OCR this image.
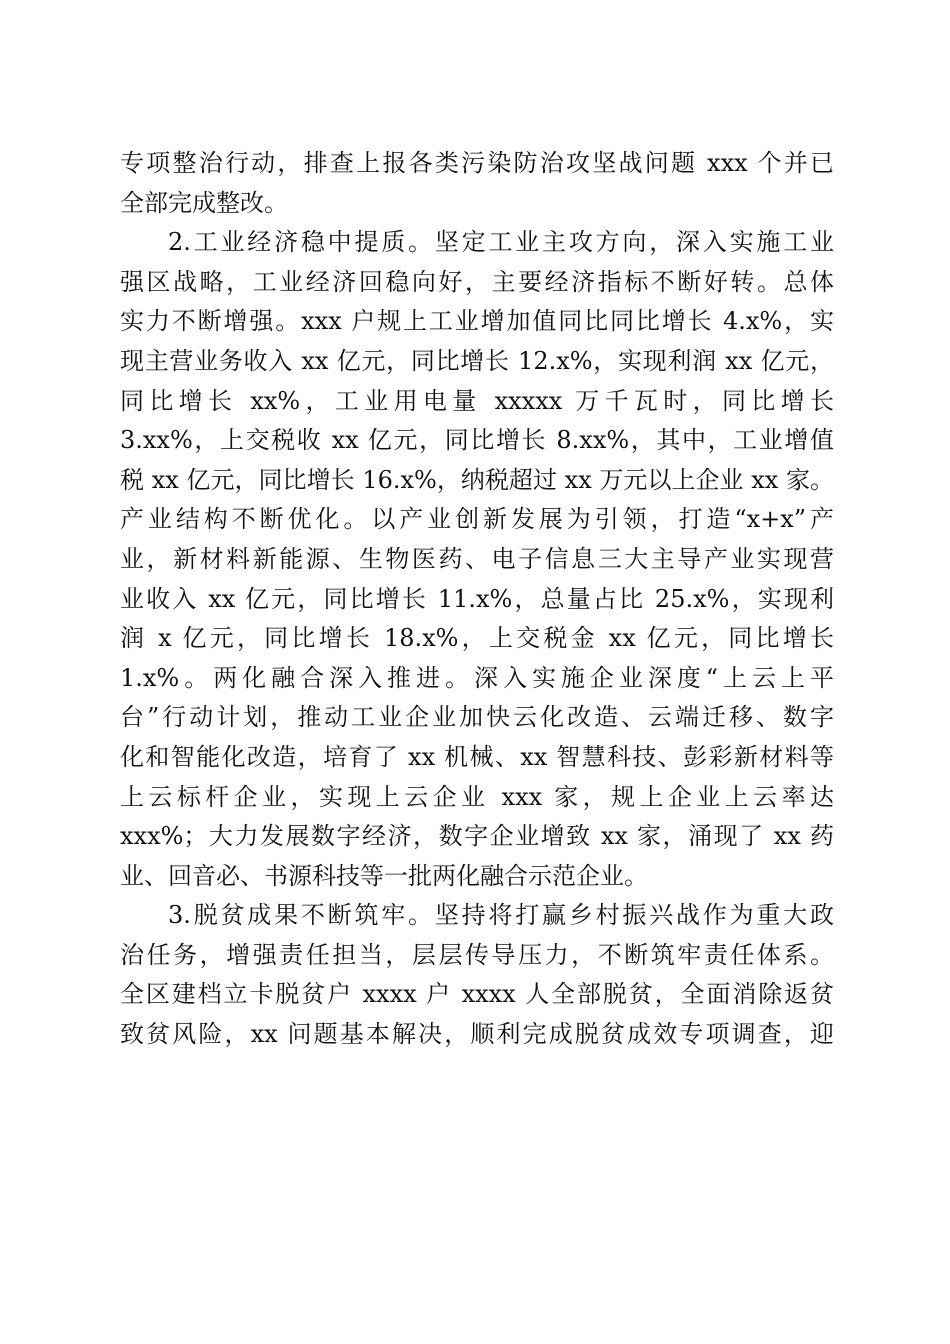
专项整治行动，排查上报各类污染防治攻坚战问题 xxx 个并已
全部完成整改。
2.工业经济稳中提质。坚定工业主攻方向，深入实施工业
强区战略，工业经济回稳向好，主要经济指标不断好转。总体
实力不断增强。xxx 户规上工业增加值同比同比增长 4.x%，实
现主营业务收入 xx 亿元，同比增长 12.x%，实现利润 xx 亿元，
同比增长 xx%，工业用电量 xxxxx 万千瓦时，同比增长
3.xx%，上交税收 xx 亿元，同比增长 8.xx%，其中，工业增值
税 xx 亿元，同比增长 16.x%，纳税超过 xx 万元以上企业 xx 家。
产业结构不断优化。以产业创新发展为引领，打造“x+x”产
业，新材料新能源、生物医药、电子信息三大主导产业实现营
业收入 xx 亿元，同比增长 11.x%，总量占比 25.x%，实现利
润 x 亿元，同比增长 18.x%，上交税金 xx 亿元，同比增长
1.x%。两化融合深入推进。深入实施企业深度“上云上平
台”行动计划，推动工业企业加快云化改造、云端迁移、数字
化和智能化改造，培育了 xx 机械、xx 智慧科技、彭彩新材料等
上云标杆企业，实现上云企业 xxx 家，规上企业上云率达
xxx%；大力发展数字经济，数字企业增致 xx 家，涌现了 xx 药
业、回音必、书源科技等一批两化融合示范企业。
3.脱贫成果不断筑牢。坚持将打赢乡村振兴战作为重大政
治任务，增强责任担当，层层传导压力，不断筑牢责任体系。
全区建档立卡脱贫户 xxxx 户 xxxx 人全部脱贫，全面消除返贫
致贫风险，xx 问题基本解决，顺利完成脱贫成效专项调查，迎
